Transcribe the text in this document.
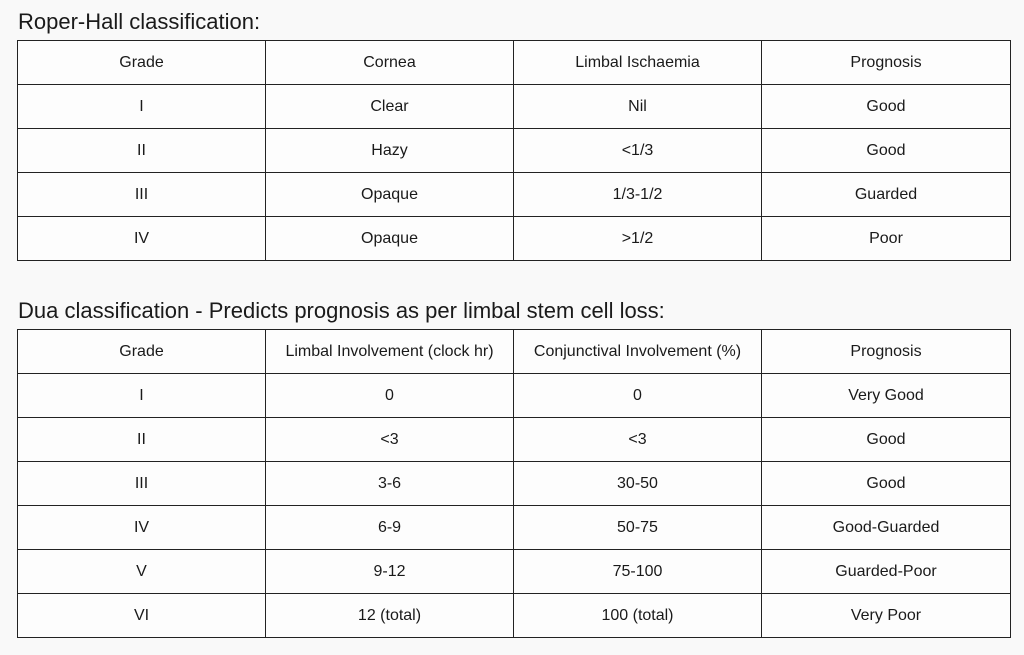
Roper-Hall classification:
Grade	Cornea	Limbal Ischaemia	Prognosis
I	Clear	Nil	Good
II	Hazy	<1/3	Good
III	Opaque	1/3-1/2	Guarded
IV	Opaque	>1/2	Poor
Dua classification - Predicts prognosis as per limbal stem cell loss:
Grade	Limbal Involvement (clock hr)	Conjunctival Involvement (%)	Prognosis
I	0	0	Very Good
II	<3	<3	Good
III	3-6	30-50	Good
IV	6-9	50-75	Good-Guarded
V	9-12	75-100	Guarded-Poor
VI	12 (total)	100 (total)	Very Poor
